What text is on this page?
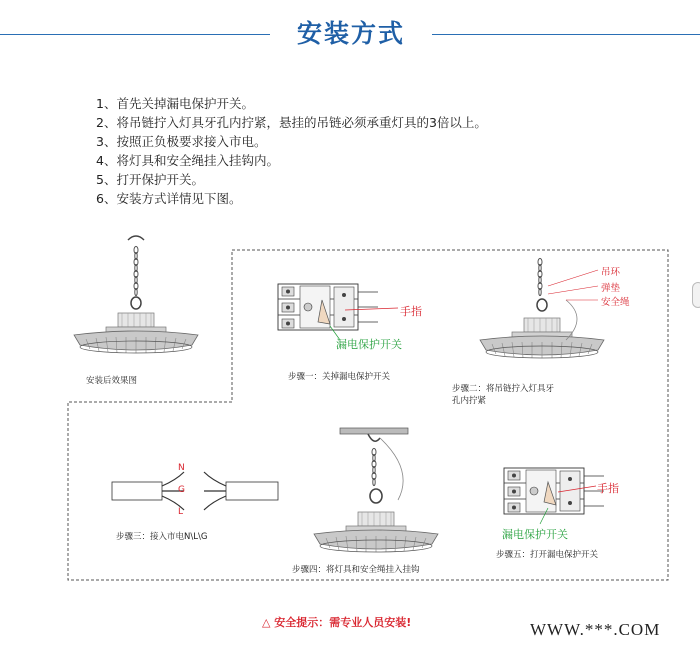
安装方式
1、首先关掉漏电保护开关。
2、将吊链拧入灯具牙孔内拧紧，悬挂的吊链必须承重灯具的3倍以上。
3、按照正负极要求接入市电。
4、将灯具和安全绳挂入挂钩内。
5、打开保护开关。
6、安装方式详情见下图。
安装后效果图
手指
漏电保护开关
步骤一：关掉漏电保护开关
吊环
弹垫
安全绳
步骤二：将吊链拧入灯具牙
孔内拧紧
N
G
L
步骤三：接入市电N\L\G
步骤四：将灯具和安全绳挂入挂钩
手指
漏电保护开关
步骤五：打开漏电保护开关
△ 安全提示：需专业人员安装!	WWW.***.COM
